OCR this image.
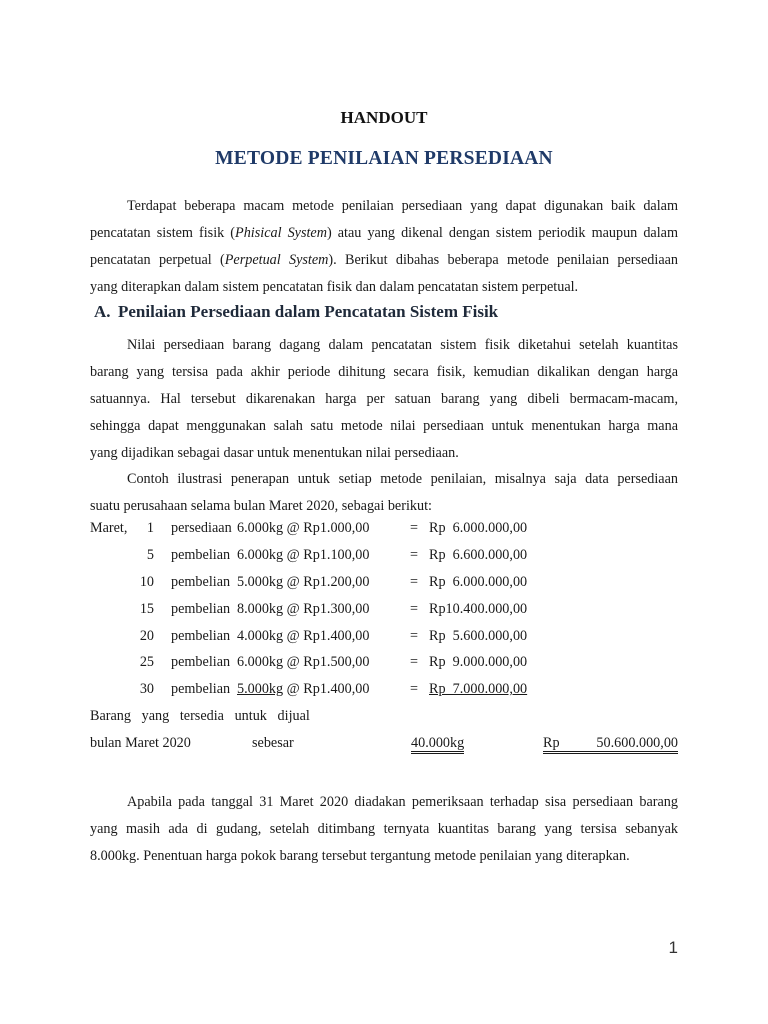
HANDOUT
METODE PENILAIAN PERSEDIAAN
Terdapat beberapa macam metode penilaian persediaan yang dapat digunakan baik dalam
pencatatan sistem fisik (Phisical System) atau yang dikenal dengan sistem periodik maupun dalam
pencatatan perpetual (Perpetual System). Berikut dibahas beberapa metode penilaian persediaan
yang diterapkan dalam sistem pencatatan fisik dan dalam pencatatan sistem perpetual.
A. Penilaian Persediaan dalam Pencatatan Sistem Fisik
Nilai persediaan barang dagang dalam pencatatan sistem fisik diketahui setelah kuantitas
barang yang tersisa pada akhir periode dihitung secara fisik, kemudian dikalikan dengan harga
satuannya. Hal tersebut dikarenakan harga per satuan barang yang dibeli bermacam-macam,
sehingga dapat menggunakan salah satu metode nilai persediaan untuk menentukan harga mana
yang dijadikan sebagai dasar untuk menentukan nilai persediaan.
Contoh ilustrasi penerapan untuk setiap metode penilaian, misalnya saja data persediaan
suatu perusahaan selama bulan Maret 2020, sebagai berikut:
Maret,	1 persediaan 6.000kg @ Rp1.000,00	= Rp  6.000.000,00
5 pembelian 6.000kg @ Rp1.100,00	= Rp  6.600.000,00
10 pembelian 5.000kg @ Rp1.200,00	= Rp  6.000.000,00
15 pembelian 8.000kg @ Rp1.300,00	= Rp10.400.000,00
20 pembelian 4.000kg @ Rp1.400,00	= Rp  5.600.000,00
25 pembelian 6.000kg @ Rp1.500,00	= Rp  9.000.000,00
30 pembelian 5.000kg @ Rp1.400,00	= Rp  7.000.000,00
Barang   yang   tersedia   untuk   dijual
bulan Maret 2020	sebesar	40.000kg	Rp	50.600.000,00
Apabila pada tanggal 31 Maret 2020 diadakan pemeriksaan terhadap sisa persediaan barang
yang masih ada di gudang, setelah ditimbang ternyata kuantitas barang yang tersisa sebanyak
8.000kg. Penentuan harga pokok barang tersebut tergantung metode penilaian yang diterapkan.
1
